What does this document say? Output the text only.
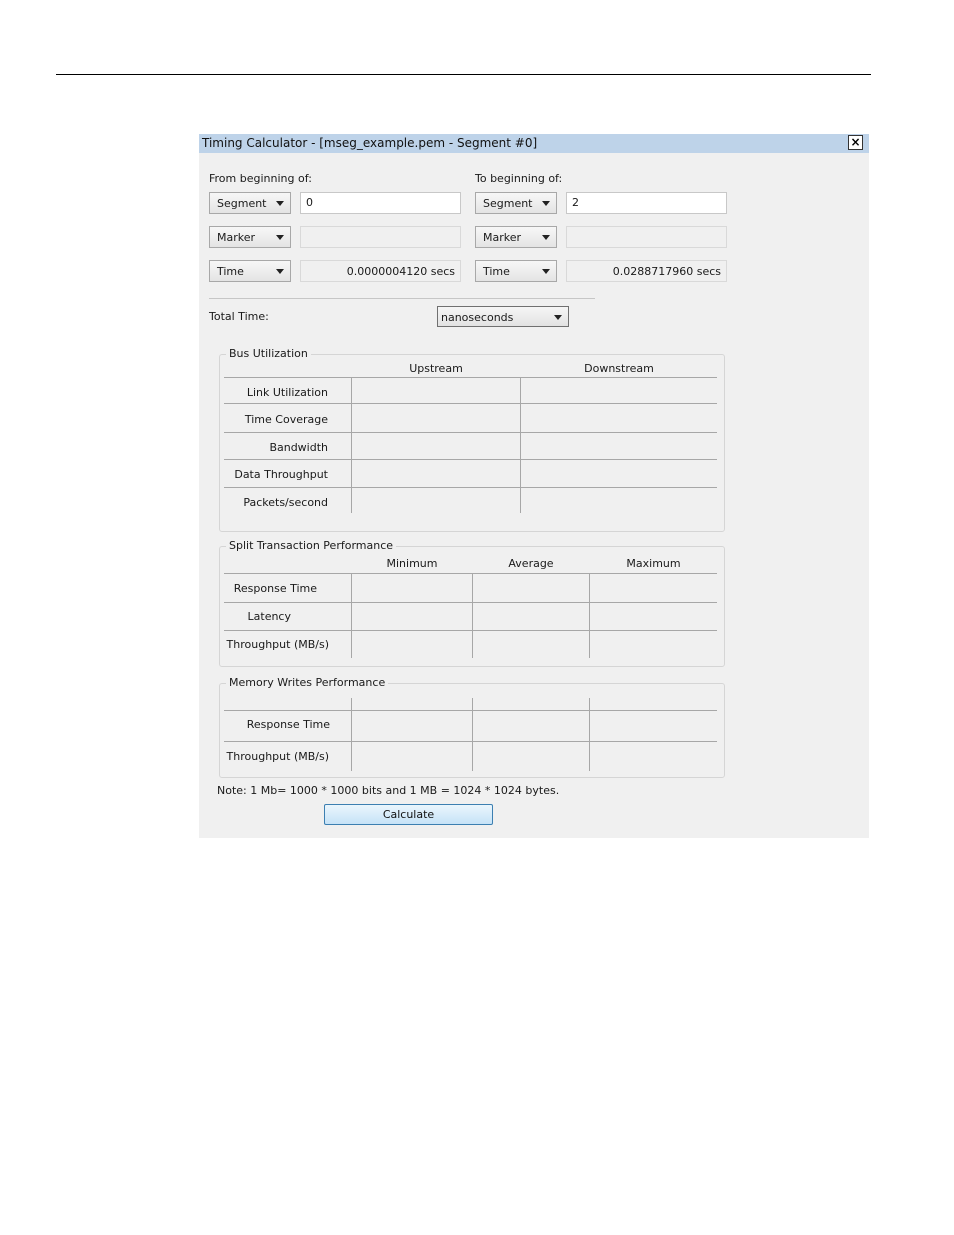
Timing Calculator - [mseg_example.pem - Segment #0]	×
From beginning of:
Segment	0
Marker
Time	0.0000004120 secs
To beginning of:
Segment	2
Marker
Time	0.0288717960 secs
Total Time:	nanoseconds
Bus Utilization
Upstream	Downstream
Link Utilization
Time Coverage
Bandwidth
Data Throughput
Packets/second
Split Transaction Performance
Minimum	Average	Maximum
Response Time
Latency
Throughput (MB/s)
Memory Writes Performance
Response Time
Throughput (MB/s)
Note: 1 Mb= 1000 * 1000 bits and 1 MB = 1024 * 1024 bytes.
Calculate
